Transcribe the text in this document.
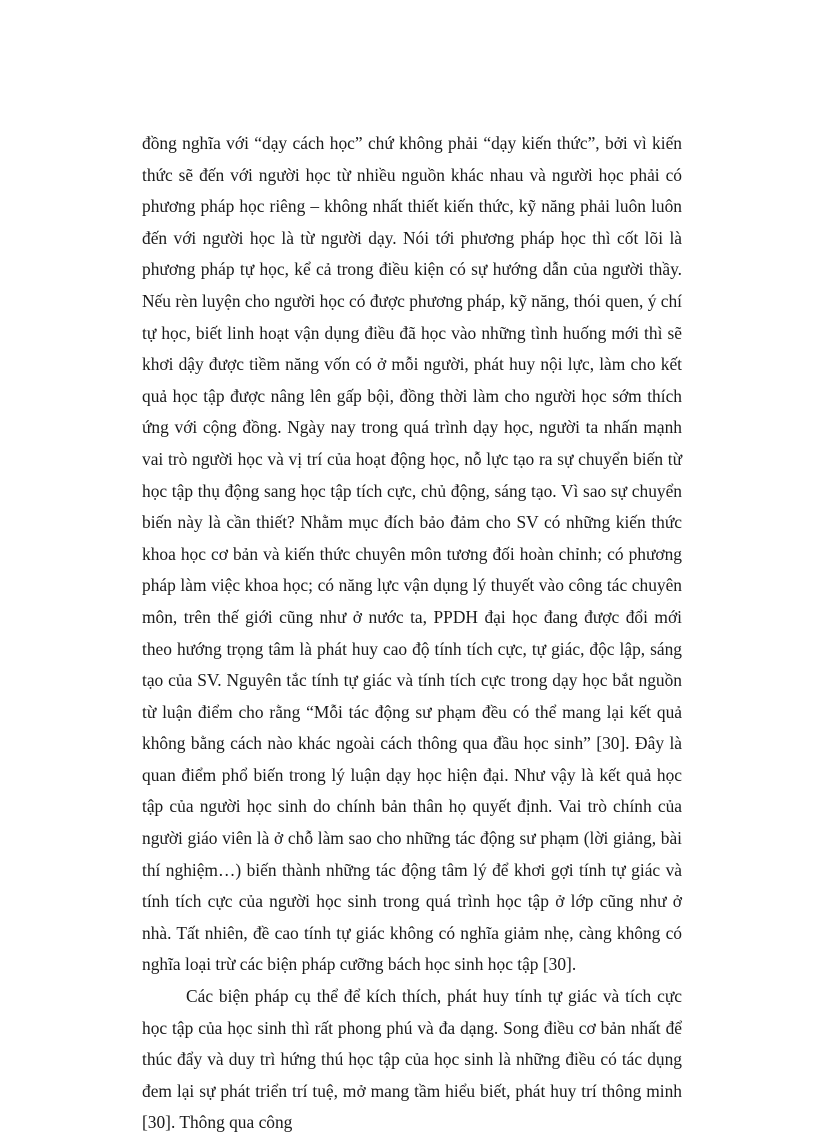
đồng nghĩa với “dạy cách học” chứ không phải “dạy kiến thức”, bởi vì kiến thức sẽ đến với người học từ nhiều nguồn khác nhau và người học phải có phương pháp học riêng – không nhất thiết kiến thức, kỹ năng phải luôn luôn đến với người học là từ người dạy. Nói tới phương pháp học thì cốt lõi là phương pháp tự học, kể cả trong điều kiện có sự hướng dẫn của người thầy. Nếu rèn luyện cho người học có được phương pháp, kỹ năng, thói quen, ý chí tự học, biết linh hoạt vận dụng điều đã học vào những tình huống mới thì sẽ khơi dậy được tiềm năng vốn có ở mỗi người, phát huy nội lực, làm cho kết quả học tập được nâng lên gấp bội, đồng thời làm cho người học sớm thích ứng với cộng đồng. Ngày nay trong quá trình dạy học, người ta nhấn mạnh vai trò người học và vị trí của hoạt động học, nỗ lực tạo ra sự chuyển biến từ học tập thụ động sang học tập tích cực, chủ động, sáng tạo. Vì sao sự chuyển biến này là cần thiết? Nhằm mục đích bảo đảm cho SV có những kiến thức khoa học cơ bản và kiến thức chuyên môn tương đối hoàn chỉnh; có phương pháp làm việc khoa học; có năng lực vận dụng lý thuyết vào công tác chuyên môn, trên thế giới cũng như ở nước ta, PPDH đại học đang được đổi mới theo hướng trọng tâm là phát huy cao độ tính tích cực, tự giác, độc lập, sáng tạo của SV. Nguyên tắc tính tự giác và tính tích cực trong dạy học bắt nguồn từ luận điểm cho rằng “Mỗi tác động sư phạm đều có thể mang lại kết quả không bằng cách nào khác ngoài cách thông qua đầu học sinh” [30]. Đây là quan điểm phổ biến trong lý luận dạy học hiện đại. Như vậy là kết quả học tập của người học sinh do chính bản thân họ quyết định. Vai trò chính của người giáo viên là ở chỗ làm sao cho những tác động sư phạm (lời giảng, bài thí nghiệm…) biến thành những tác động tâm lý để khơi gợi tính tự giác và tính tích cực của người học sinh trong quá trình học tập ở lớp cũng như ở nhà. Tất nhiên, đề cao tính tự giác không có nghĩa giảm nhẹ, càng không có nghĩa loại trừ các biện pháp cưỡng bách học sinh học tập [30].

Các biện pháp cụ thể để kích thích, phát huy tính tự giác và tích cực học tập của học sinh thì rất phong phú và đa dạng. Song điều cơ bản nhất để thúc đẩy và duy trì hứng thú học tập của học sinh là những điều có tác dụng đem lại sự phát triển trí tuệ, mở mang tầm hiểu biết, phát huy trí thông minh [30]. Thông qua công
